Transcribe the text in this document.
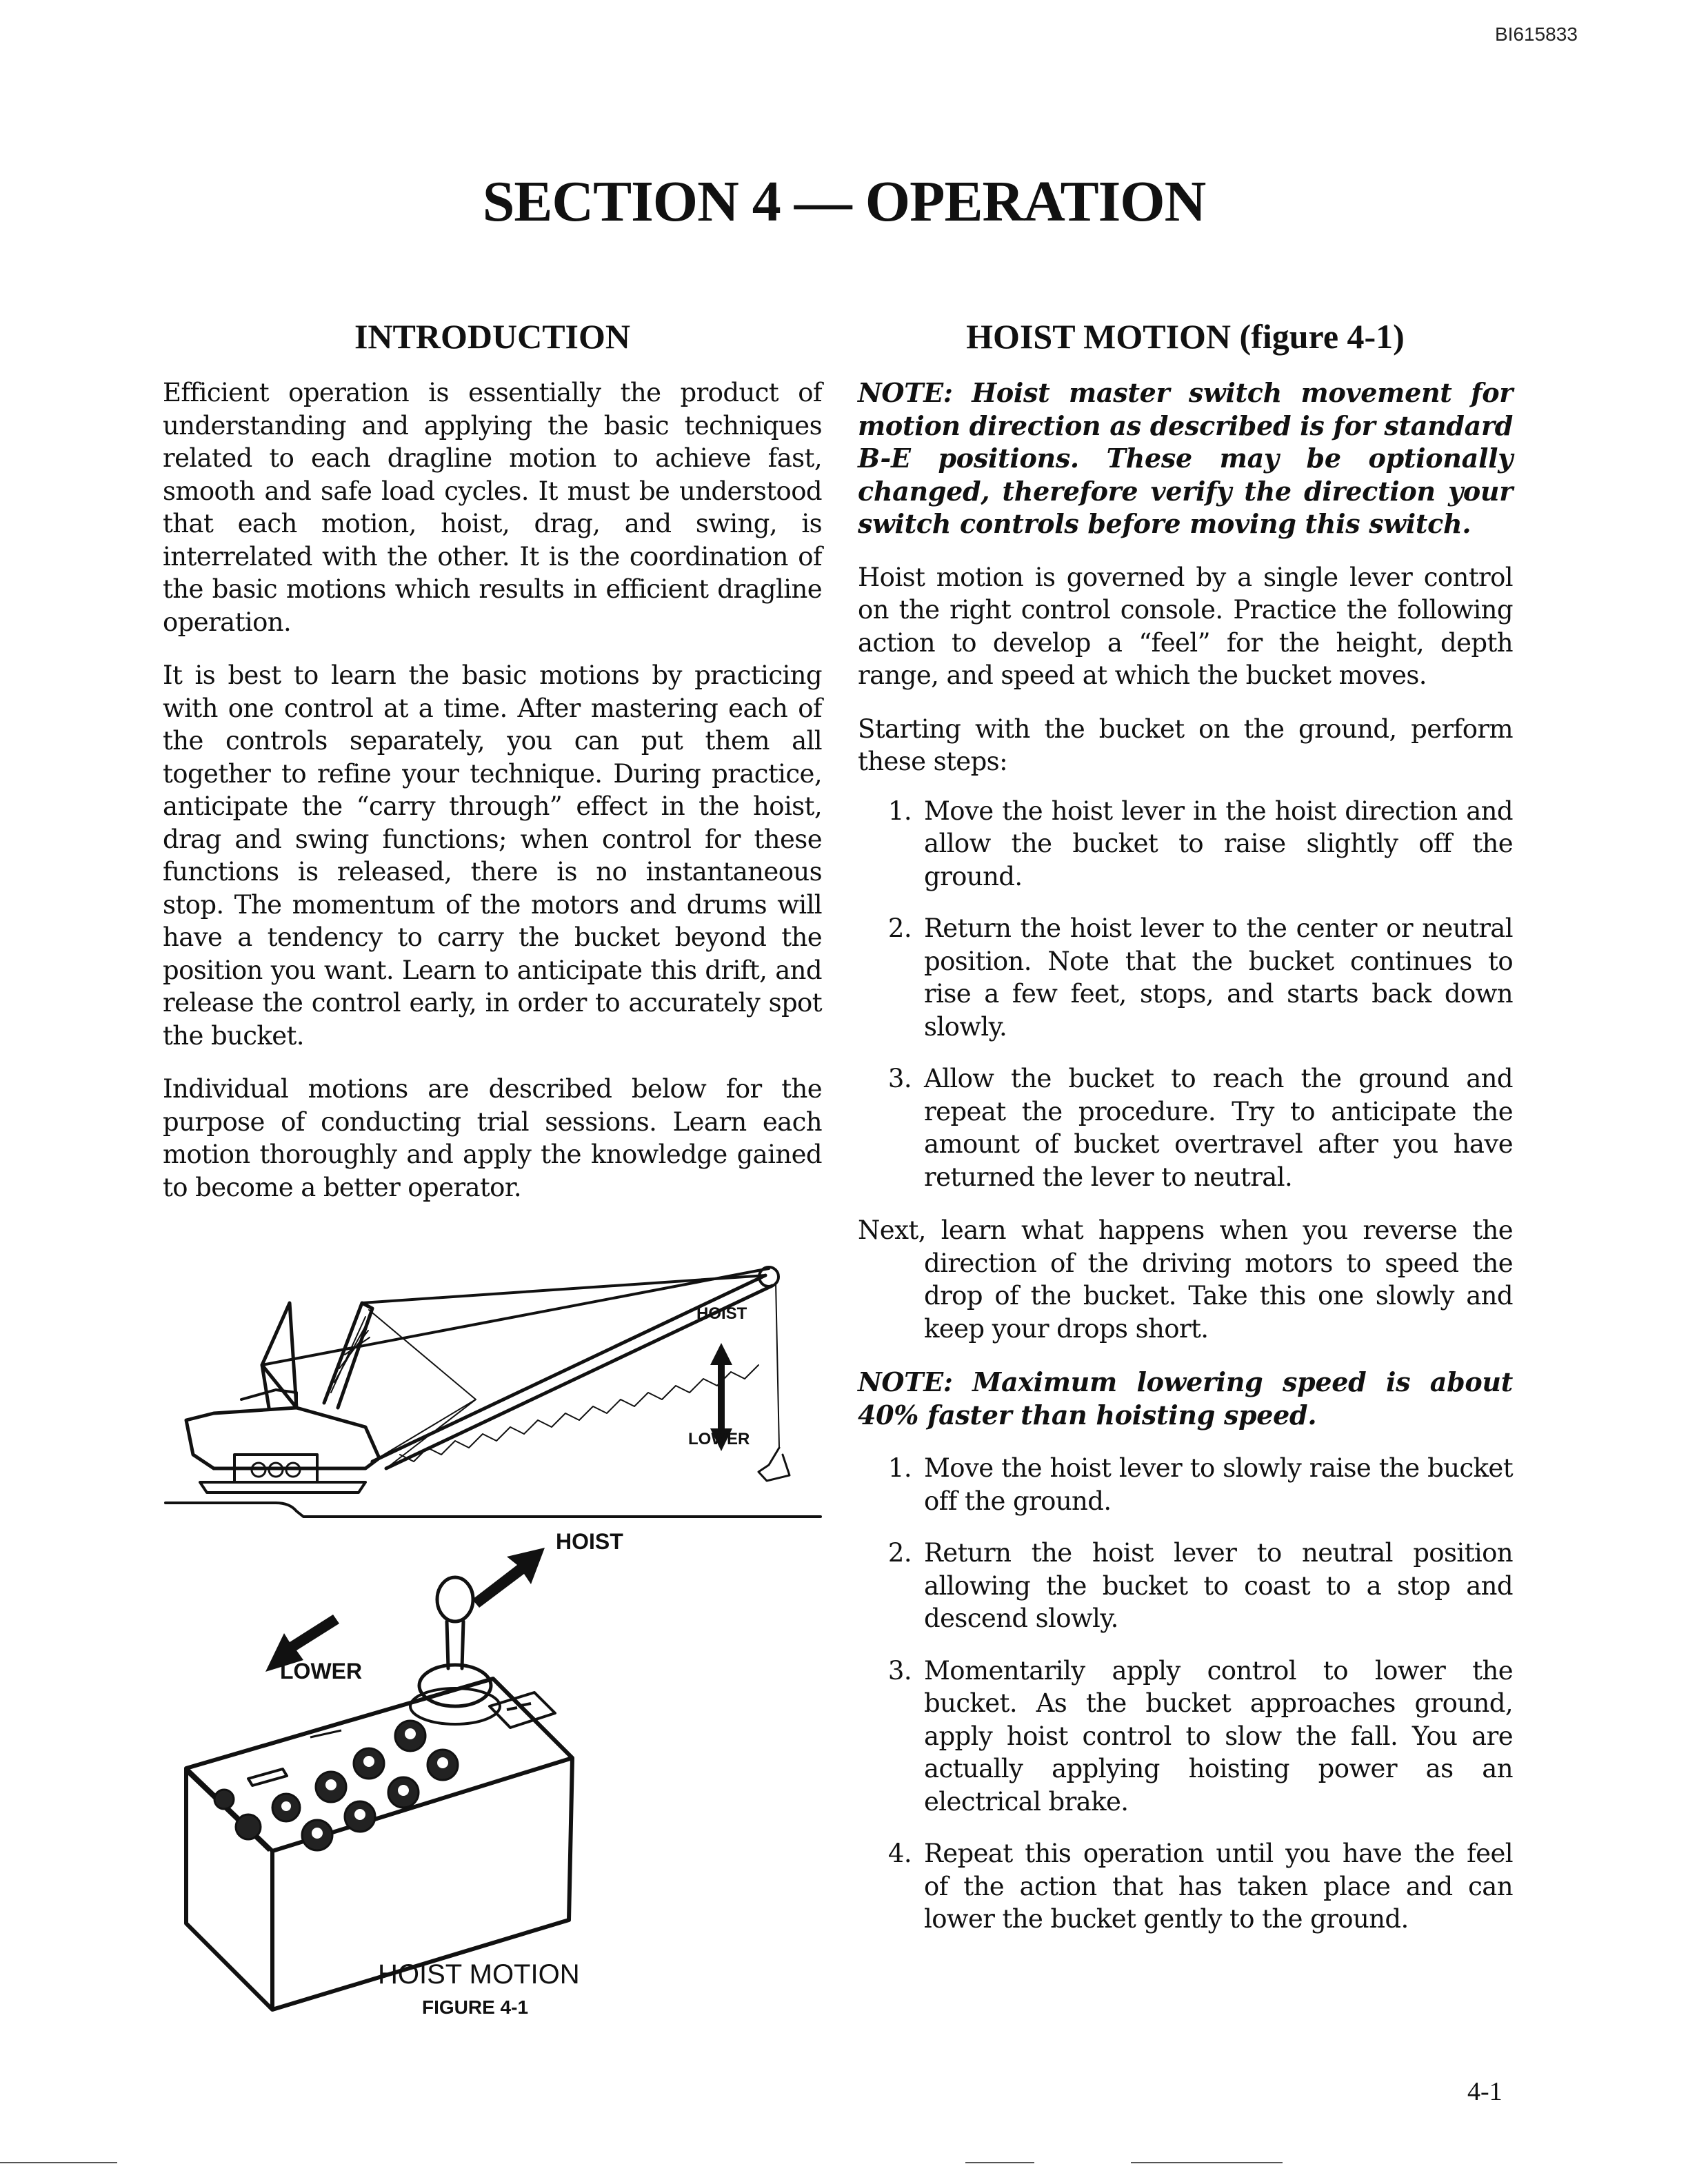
BI615833
SECTION 4 — OPERATION
INTRODUCTION

Efficient operation is essentially the product of understanding and applying the basic techniques related to each dragline motion to achieve fast, smooth and safe load cycles. It must be understood that each motion, hoist, drag, and swing, is interrelated with the other. It is the coordination of the basic motions which results in efficient dragline operation.

It is best to learn the basic motions by practicing with one control at a time. After mastering each of the controls separately, you can put them all together to refine your technique. During practice, anticipate the “carry through” effect in the hoist, drag and swing functions; when control for these functions is released, there is no instantaneous stop. The momentum of the motors and drums will have a tendency to carry the bucket beyond the position you want. Learn to anticipate this drift, and release the control early, in order to accurately spot the bucket.

Individual motions are described below for the purpose of conducting trial sessions. Learn each motion thoroughly and apply the knowledge gained to become a better operator.

HOIST
LOWER
HOIST
LOWER
HOIST MOTION
FIGURE 4-1
HOIST MOTION (figure 4-1)

NOTE: Hoist master switch movement for motion direction as described is for standard B-E positions. These may be optionally changed, therefore verify the direction your switch controls before moving this switch.

Hoist motion is governed by a single lever control on the right control console. Practice the following action to develop a “feel” for the height, depth range, and speed at which the bucket moves.

Starting with the bucket on the ground, perform these steps:

1. Move the hoist lever in the hoist direction and allow the bucket to raise slightly off the ground.
2. Return the hoist lever to the center or neutral position. Note that the bucket continues to rise a few feet, stops, and starts back down slowly.
3. Allow the bucket to reach the ground and repeat the procedure. Try to anticipate the amount of bucket overtravel after you have returned the lever to neutral.

Next, learn what happens when you reverse the direction of the driving motors to speed the drop of the bucket. Take this one slowly and keep your drops short.

NOTE: Maximum lowering speed is about 40% faster than hoisting speed.

1. Move the hoist lever to slowly raise the bucket off the ground.
2. Return the hoist lever to neutral position allowing the bucket to coast to a stop and descend slowly.
3. Momentarily apply control to lower the bucket. As the bucket approaches ground, apply hoist control to slow the fall. You are actually applying hoisting power as an electrical brake.
4. Repeat this operation until you have the feel of the action that has taken place and can lower the bucket gently to the ground.
4-1
